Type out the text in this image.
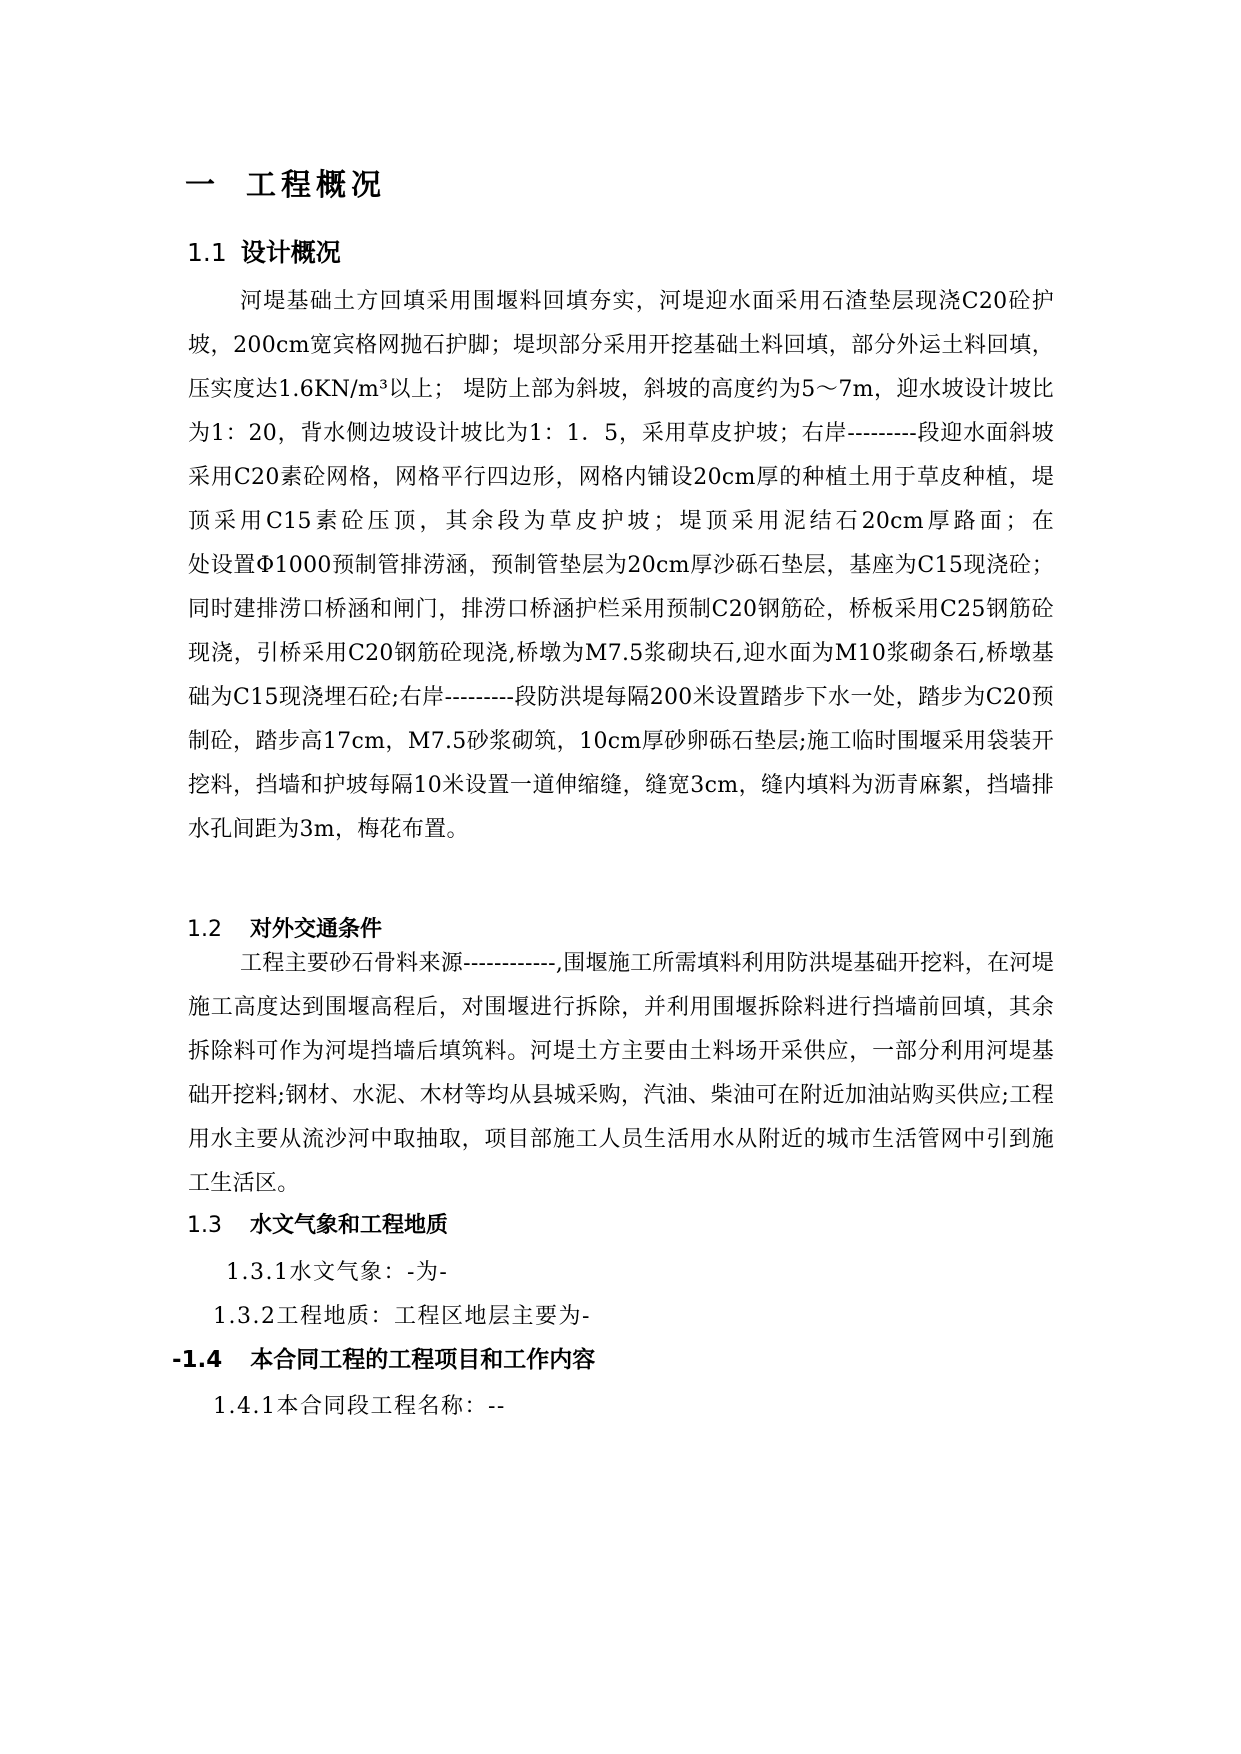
一 工程概况
1.1 设计概况

河堤基础土方回填采用围堰料回填夯实，河堤迎水面采用石渣垫层现浇C20砼护坡，200cm宽宾格网抛石护脚；堤坝部分采用开挖基础土料回填，部分外运土料回填，压实度达1.6KN/m³以上； 堤防上部为斜坡，斜坡的高度约为5～7m，迎水坡设计坡比为1：20，背水侧边坡设计坡比为1：1．5，采用草皮护坡；右岸---------段迎水面斜坡采用C20素砼网格，网格平行四边形，网格内铺设20cm厚的种植土用于草皮种植，堤顶采用C15素砼压顶，其余段为草皮护坡；堤顶采用泥结石20cm厚路面；在　　　　　　　　处设置Φ1000预制管排涝涵，预制管垫层为20cm厚沙砾石垫层，基座为C15现浇砼；同时建排涝口桥涵和闸门，排涝口桥涵护栏采用预制C20钢筋砼，桥板采用C25钢筋砼现浇，引桥采用C20钢筋砼现浇,桥墩为M7.5浆砌块石,迎水面为M10浆砌条石,桥墩基础为C15现浇埋石砼;右岸---------段防洪堤每隔200米设置踏步下水一处，踏步为C20预制砼，踏步高17cm，M7.5砂浆砌筑，10cm厚砂卵砾石垫层;施工临时围堰采用袋装开挖料，挡墙和护坡每隔10米设置一道伸缩缝，缝宽3cm，缝内填料为沥青麻絮，挡墙排水孔间距为3m，梅花布置。

1.2 对外交通条件

工程主要砂石骨料来源------------,围堰施工所需填料利用防洪堤基础开挖料，在河堤施工高度达到围堰高程后，对围堰进行拆除，并利用围堰拆除料进行挡墙前回填，其余拆除料可作为河堤挡墙后填筑料。河堤土方主要由土料场开采供应，一部分利用河堤基础开挖料;钢材、水泥、木材等均从县城采购，汽油、柴油可在附近加油站购买供应;工程用水主要从流沙河中取抽取，项目部施工人员生活用水从附近的城市生活管网中引到施工生活区。

1.3 水文气象和工程地质
1.3.1水文气象：-为-
1.3.2工程地质：工程区地层主要为-
-1.4 本合同工程的工程项目和工作内容
1.4.1本合同段工程名称：--
